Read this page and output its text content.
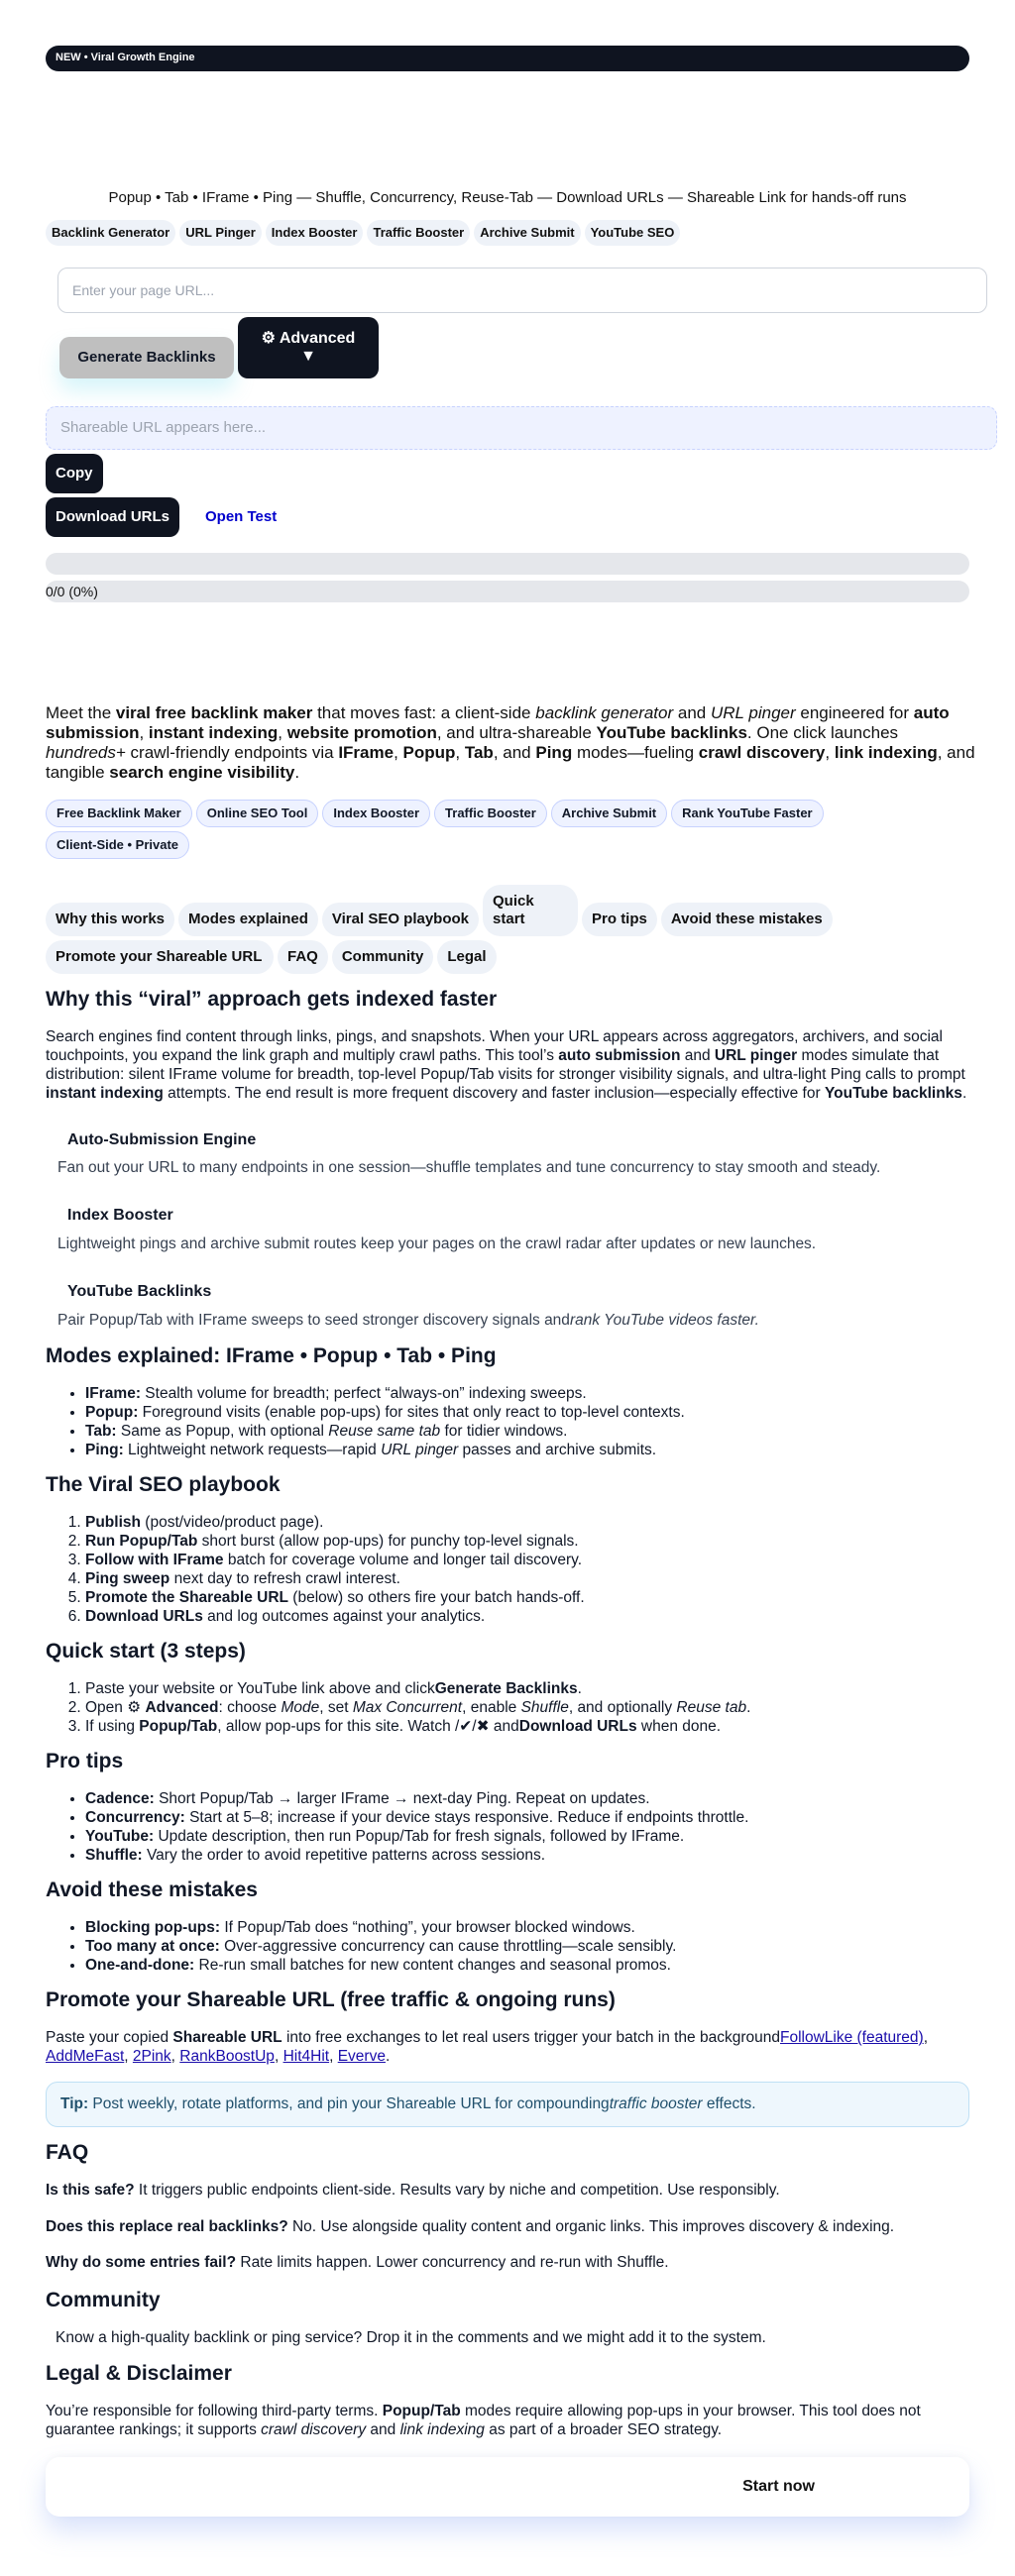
NEW • Viral Growth Engine
Popup • Tab • IFrame • Ping — Shuffle, Concurrency, Reuse-Tab — Download URLs — Shareable Link for hands-off runs
Backlink Generator	URL Pinger	Index Booster	Traffic Booster	Archive Submit	YouTube SEO
Enter your page URL...
Generate Backlinks
⚙ Advanced
▼
Shareable URL appears here...
Copy
Download URLs	Open Test
0/0 (0%)

Meet the viral free backlink maker that moves fast: a client-side backlink generator and URL pinger engineered for auto submission, instant indexing, website promotion, and ultra-shareable YouTube backlinks. One click launches hundreds+ crawl-friendly endpoints via IFrame, Popup, Tab, and Ping modes—fueling crawl discovery, link indexing, and tangible search engine visibility.

Free Backlink Maker	Online SEO Tool	Index Booster	Traffic Booster	Archive Submit	Rank YouTube Faster
Client-Side • Private
Why this works	Modes explained	Viral SEO playbook
Quick start	Pro tips	Avoid these mistakes
Promote your Shareable URL	FAQ	Community	Legal
Why this “viral” approach gets indexed faster

Search engines find content through links, pings, and snapshots. When your URL appears across aggregators, archivers, and social touchpoints, you expand the link graph and multiply crawl paths. This tool’s auto submission and URL pinger modes simulate that distribution: silent IFrame volume for breadth, top-level Popup/Tab visits for stronger visibility signals, and ultra-light Ping calls to prompt instant indexing attempts. The end result is more frequent discovery and faster inclusion—especially effective for YouTube backlinks.

Auto-Submission Engine

Fan out your URL to many endpoints in one session—shuffle templates and tune concurrency to stay smooth and steady.

Index Booster

Lightweight pings and archive submit routes keep your pages on the crawl radar after updates or new launches.

YouTube Backlinks

Pair Popup/Tab with IFrame sweeps to seed stronger discovery signals andrank YouTube videos faster.

Modes explained: IFrame • Popup • Tab • Ping
• IFrame: Stealth volume for breadth; perfect “always-on” indexing sweeps.
• Popup: Foreground visits (enable pop-ups) for sites that only react to top-level contexts.
• Tab: Same as Popup, with optional Reuse same tab for tidier windows.
• Ping: Lightweight network requests—rapid URL pinger passes and archive submits.
The Viral SEO playbook
1. Publish (post/video/product page).
2. Run Popup/Tab short burst (allow pop-ups) for punchy top-level signals.
3. Follow with IFrame batch for coverage volume and longer tail discovery.
4. Ping sweep next day to refresh crawl interest.
5. Promote the Shareable URL (below) so others fire your batch hands-off.
6. Download URLs and log outcomes against your analytics.
Quick start (3 steps)
1. Paste your website or YouTube link above and clickGenerate Backlinks.
2. Open ⚙ Advanced: choose Mode, set Max Concurrent, enable Shuffle, and optionally Reuse tab.
3. If using Popup/Tab, allow pop-ups for this site. Watch /✔/✖ andDownload URLs when done.
Pro tips
• Cadence: Short Popup/Tab → larger IFrame → next-day Ping. Repeat on updates.
• Concurrency: Start at 5–8; increase if your device stays responsive. Reduce if endpoints throttle.
• YouTube: Update description, then run Popup/Tab for fresh signals, followed by IFrame.
• Shuffle: Vary the order to avoid repetitive patterns across sessions.
Avoid these mistakes
• Blocking pop-ups: If Popup/Tab does “nothing”, your browser blocked windows.
• Too many at once: Over-aggressive concurrency can cause throttling—scale sensibly.
• One-and-done: Re-run small batches for new content changes and seasonal promos.
Promote your Shareable URL (free traffic & ongoing runs)

Paste your copied Shareable URL into free exchanges to let real users trigger your batch in the backgroundFollowLike (featured), AddMeFast, 2Pink, RankBoostUp, Hit4Hit, Everve.

Tip: Post weekly, rotate platforms, and pin your Shareable URL for compoundingtraffic booster effects.
FAQ

Is this safe? It triggers public endpoints client-side. Results vary by niche and competition. Use responsibly.

Does this replace real backlinks? No. Use alongside quality content and organic links. This improves discovery & indexing.

Why do some entries fail? Rate limits happen. Lower concurrency and re-run with Shuffle.

Community

Know a high-quality backlink or ping service? Drop it in the comments and we might add it to the system.

Legal & Disclaimer

You’re responsible for following third-party terms. Popup/Tab modes require allowing pop-ups in your browser. This tool does not guarantee rankings; it supports crawl discovery and link indexing as part of a broader SEO strategy.

Start now
